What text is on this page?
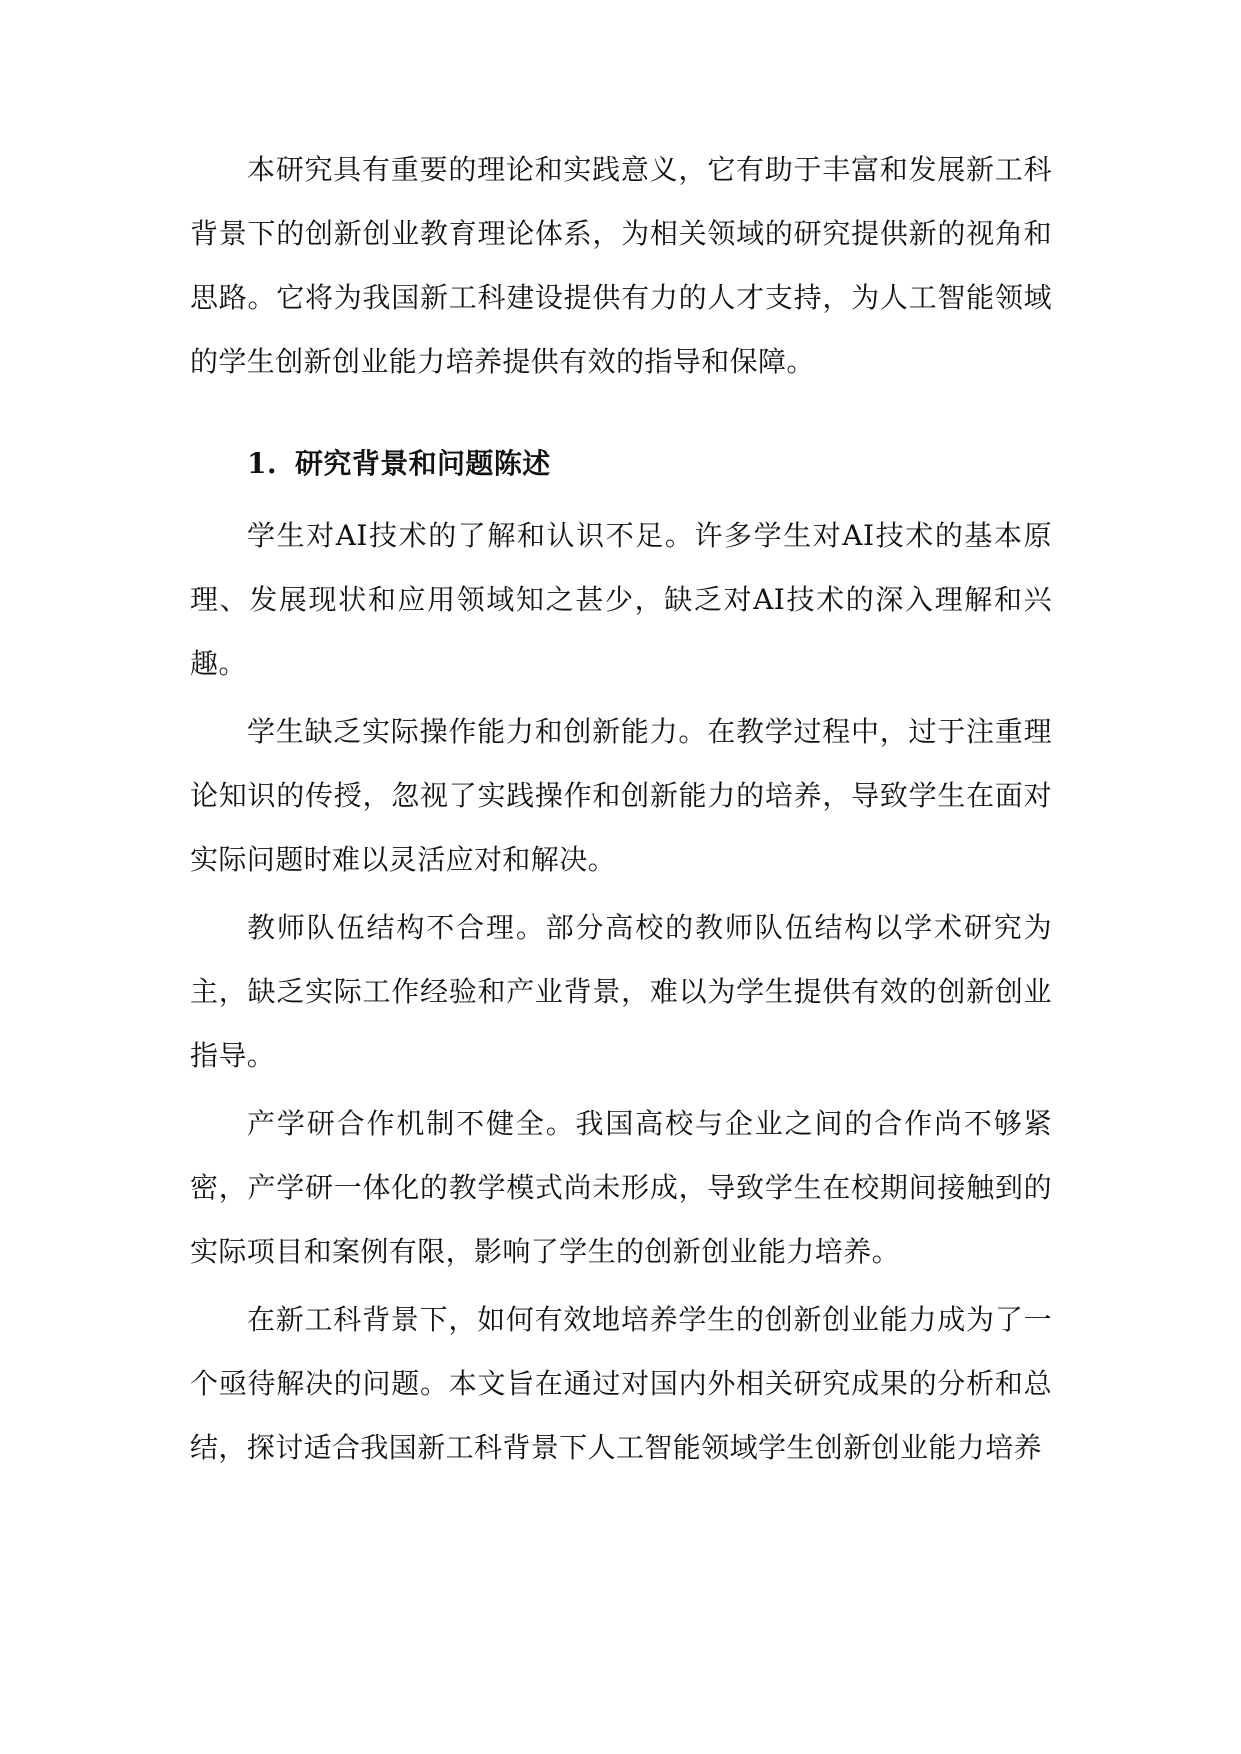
本研究具有重要的理论和实践意义，它有助于丰富和发展新工科背景下的创新创业教育理论体系，为相关领域的研究提供新的视角和思路。它将为我国新工科建设提供有力的人才支持，为人工智能领域的学生创新创业能力培养提供有效的指导和保障。

1. 研究背景和问题陈述

学生对AI技术的了解和认识不足。许多学生对AI技术的基本原理、发展现状和应用领域知之甚少，缺乏对AI技术的深入理解和兴趣。

学生缺乏实际操作能力和创新能力。在教学过程中，过于注重理论知识的传授，忽视了实践操作和创新能力的培养，导致学生在面对实际问题时难以灵活应对和解决。

教师队伍结构不合理。部分高校的教师队伍结构以学术研究为主，缺乏实际工作经验和产业背景，难以为学生提供有效的创新创业指导。

产学研合作机制不健全。我国高校与企业之间的合作尚不够紧密，产学研一体化的教学模式尚未形成，导致学生在校期间接触到的实际项目和案例有限，影响了学生的创新创业能力培养。

在新工科背景下，如何有效地培养学生的创新创业能力成为了一个亟待解决的问题。本文旨在通过对国内外相关研究成果的分析和总结，探讨适合我国新工科背景下人工智能领域学生创新创业能力培养
